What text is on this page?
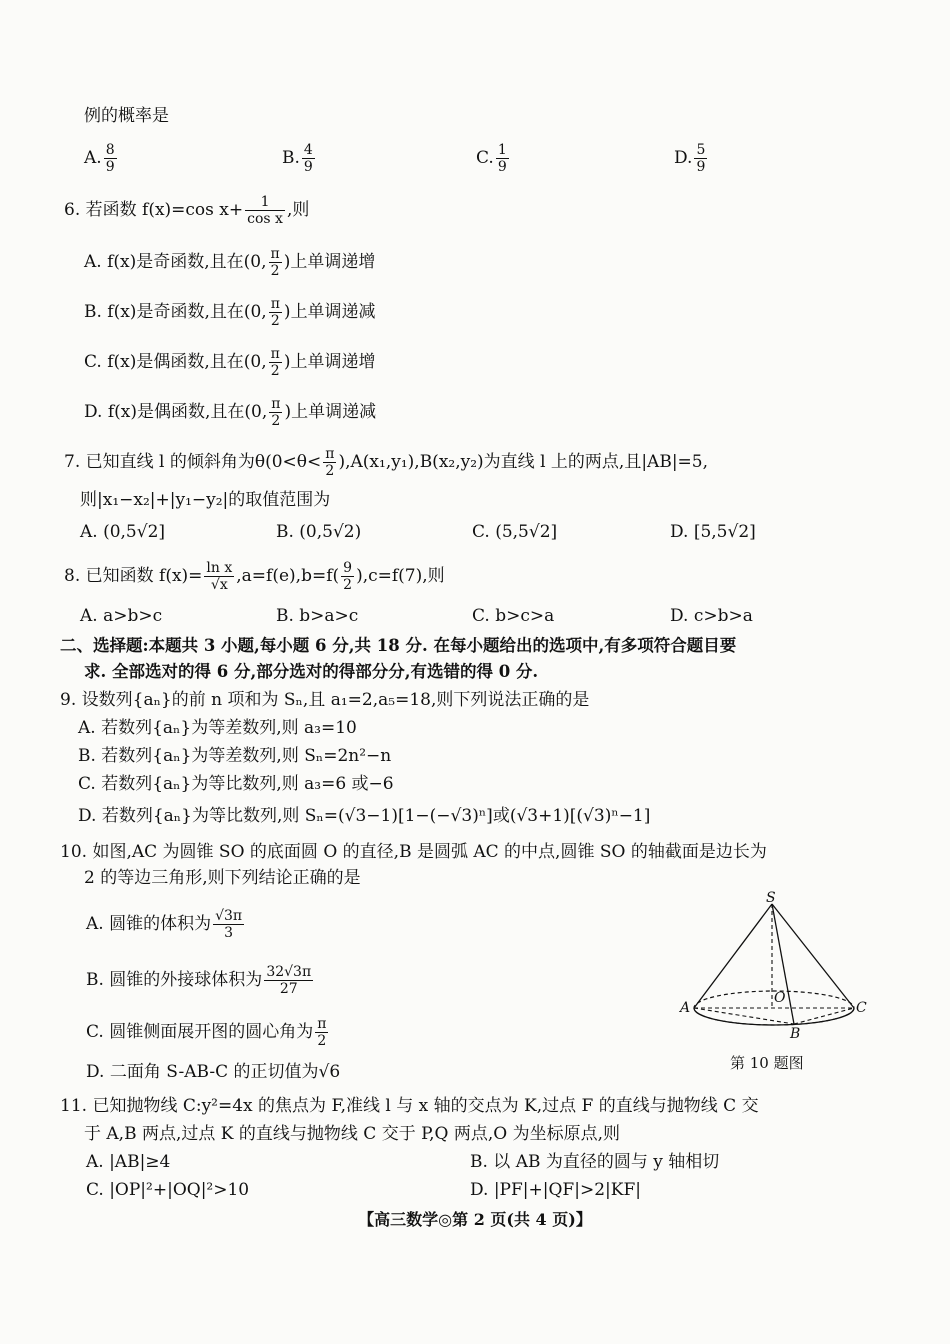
例的概率是
A. $\frac{8}{9}$	B. $\frac{4}{9}$	C. $\frac{1}{9}$	D. $\frac{5}{9}$
6. 若函数 f(x)=cos $x+ \frac{1}{\text{cos x}}$ ,则
A. f(x)是奇函数,且在(0, $\frac{\pi}{2}$ )上单调递增
B. f(x)是奇函数,且在(0, $\frac{\pi}{2}$ )上单调递减
C. f(x)是偶函数,且在(0, $\frac{\pi}{2}$ )上单调递增
D. f(x)是偶函数,且在(0, $\frac{\pi}{2}$ )上单调递减
7. 已知直线 l 的倾斜角为$\theta(0<\theta< \frac{\pi}{2} ),A(x_1,y_1),B(x_2,y_2)$为直线 l 上的两点,且|AB|=5,
则|x₁−x₂|+|y₁−y₂|的取值范围为
A. (0,5√2]	B. (0,5√2)	C. (5,5√2]	D. [5,5√2]
8. 已知函数 $f(x)= \frac{\text{ln x}}{√x} ,a=f(e),b=f( \frac{9}{2} ),c=f(7)$,则
A. a>b>c	B. b>a>c	C. b>c>a	D. c>b>a
二、选择题:本题共 3 小题,每小题 6 分,共 18 分. 在每小题给出的选项中,有多项符合题目要
求. 全部选对的得 6 分,部分选对的得部分分,有选错的得 0 分.
9. 设数列{aₙ}的前 n 项和为 Sₙ,且 a₁=2,a₅=18,则下列说法正确的是
A. 若数列{aₙ}为等差数列,则 a₃=10
B. 若数列{aₙ}为等差数列,则 Sₙ=2n²−n
C. 若数列{aₙ}为等比数列,则 a₃=6 或−6
D. 若数列{aₙ}为等比数列,则 Sₙ=(√3−1)[1−(−√3)ⁿ]或(√3+1)[(√3)ⁿ−1]
10. 如图,AC 为圆锥 SO 的底面圆 O 的直径,B 是圆弧 AC 的中点,圆锥 SO 的轴截面是边长为
2 的等边三角形,则下列结论正确的是
A. 圆锥的体积为 $\frac{√3\pi}{3}$
B. 圆锥的外接球体积为 $\frac{32√3\pi}{27}$
C. 圆锥侧面展开图的圆心角为 $\frac{\pi}{2}$
D. 二面角 S-AB-C 的正切值为√6
S
A
O
C
B
第 10 题图
11. 已知抛物线 C:y²=4x 的焦点为 F,准线 l 与 x 轴的交点为 K,过点 F 的直线与抛物线 C 交
于 A,B 两点,过点 K 的直线与抛物线 C 交于 P,Q 两点,O 为坐标原点,则
A. |AB|≥4	B. 以 AB 为直径的圆与 y 轴相切
C. |OP|²+|OQ|²>10	D. |PF|+|QF|>2|KF|
【高三数学◎第 2 页(共 4 页)】
